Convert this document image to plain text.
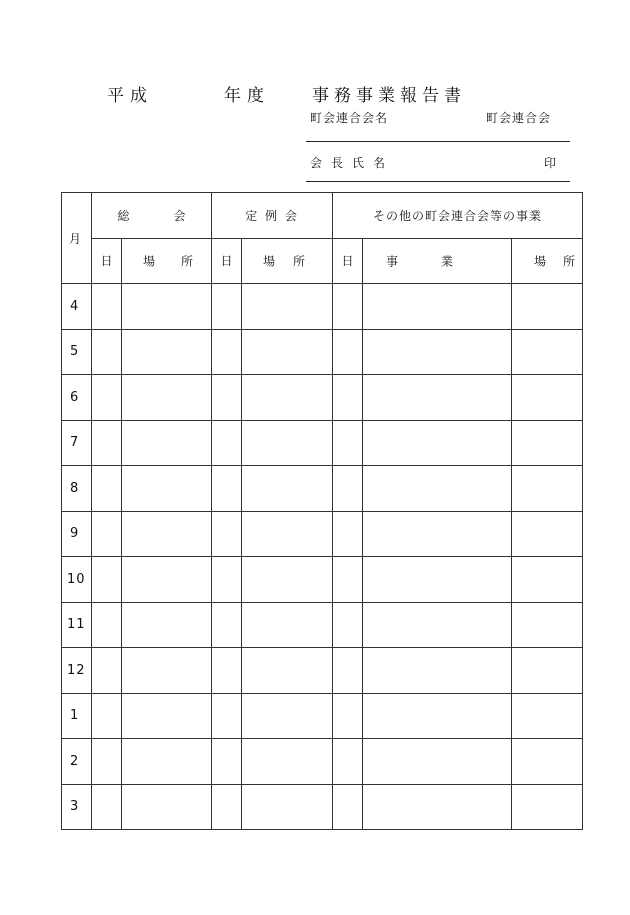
平成	年度 事務事業報告書
町会連合会名	町会連合会
会長氏名	印
月	総 会		定 例 会		その他の町会連合会等の事業		
	日	場 所	日	場 所	日	事 業	場 所

4							
5							
6							
7							
8							
9							
10							
11							
12							
1							
2							
3							
